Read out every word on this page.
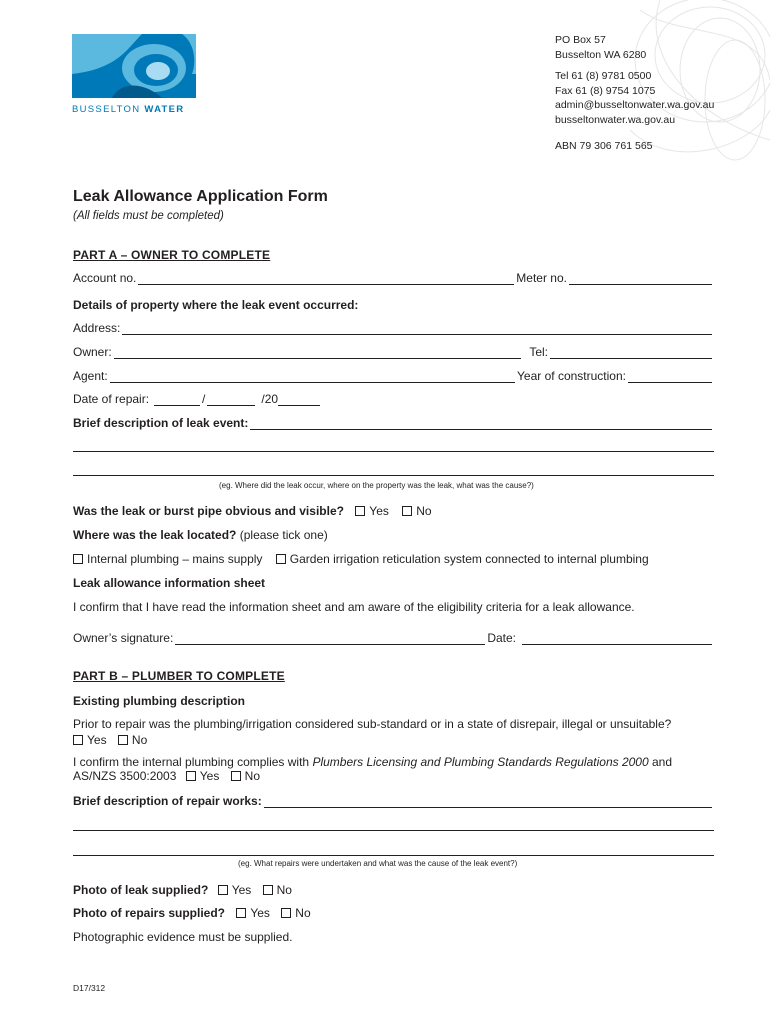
BUSSELTON WATER
PO Box 57
Busselton WA 6280
Tel 61 (8) 9781 0500
Fax 61 (8) 9754 1075
admin@busseltonwater.wa.gov.au
busseltonwater.wa.gov.au
ABN 79 306 761 565
Leak Allowance Application Form
(All fields must be completed)
PART A – OWNER TO COMPLETE
Account no.	Meter no.
Details of property where the leak event occurred:
Address:
Owner:	Tel:
Agent:	Year of construction:
Date of repair:	/	/20
Brief description of leak event:
(eg. Where did the leak occur, where on the property was the leak, what was the cause?)
Was the leak or burst pipe obvious and visible? Yes No
Where was the leak located? (please tick one)
Internal plumbing – mains supply Garden irrigation reticulation system connected to internal plumbing
Leak allowance information sheet
I confirm that I have read the information sheet and am aware of the eligibility criteria for a leak allowance.
Owner’s signature:	Date:
PART B – PLUMBER TO COMPLETE
Existing plumbing description
Prior to repair was the plumbing/irrigation considered sub-standard or in a state of disrepair, illegal or unsuitable?
Yes No
I confirm the internal plumbing complies with Plumbers Licensing and Plumbing Standards Regulations 2000 and
AS/NZS 3500:2003 Yes No
Brief description of repair works:
(eg. What repairs were undertaken and what was the cause of the leak event?)
Photo of leak supplied? Yes No
Photo of repairs supplied? Yes No
Photographic evidence must be supplied.
D17/312
